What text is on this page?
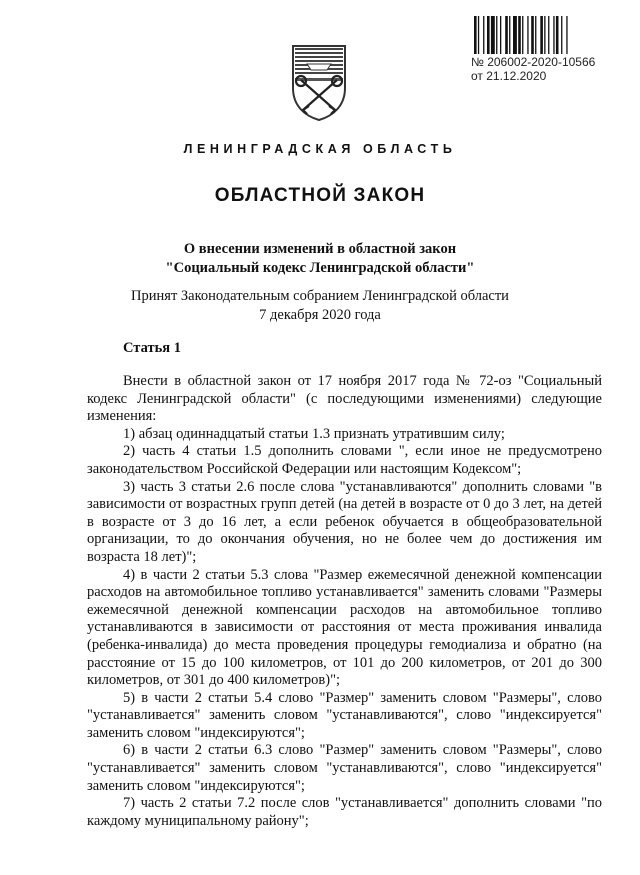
№ 206002-2020-10566
от 21.12.2020
ЛЕНИНГРАДСКАЯ ОБЛАСТЬ
ОБЛАСТНОЙ ЗАКОН
О внесении изменений в областной закон
"Социальный кодекс Ленинградской области"
Принят Законодательным собранием Ленинградской области
7 декабря 2020 года
Статья 1

Внести в областной закон от 17 ноября 2017 года № 72-оз "Социальный кодекс Ленинградской области" (с последующими изменениями) следующие изменения:

1) абзац одиннадцатый статьи 1.3 признать утратившим силу;

2) часть 4 статьи 1.5 дополнить словами ", если иное не предусмотрено законодательством Российской Федерации или настоящим Кодексом";

3) часть 3 статьи 2.6 после слова "устанавливаются" дополнить словами "в зависимости от возрастных групп детей (на детей в возрасте от 0 до 3 лет, на детей в возрасте от 3 до 16 лет, а если ребенок обучается в общеобразовательной организации, то до окончания обучения, но не более чем до достижения им возраста 18 лет)";

4) в части 2 статьи 5.3 слова "Размер ежемесячной денежной компенсации расходов на автомобильное топливо устанавливается" заменить словами "Размеры ежемесячной денежной компенсации расходов на автомобильное топливо устанавливаются в зависимости от расстояния от места проживания инвалида (ребенка-инвалида) до места проведения процедуры гемодиализа и обратно (на расстояние от 15 до 100 километров, от 101 до 200 километров, от 201 до 300 километров, от 301 до 400 километров)";

5) в части 2 статьи 5.4 слово "Размер" заменить словом "Размеры", слово "устанавливается" заменить словом "устанавливаются", слово "индексируется" заменить словом "индексируются";

6) в части 2 статьи 6.3 слово "Размер" заменить словом "Размеры", слово "устанавливается" заменить словом "устанавливаются", слово "индексируется" заменить словом "индексируются";

7) часть 2 статьи 7.2 после слов "устанавливается" дополнить словами "по каждому муниципальному району";
